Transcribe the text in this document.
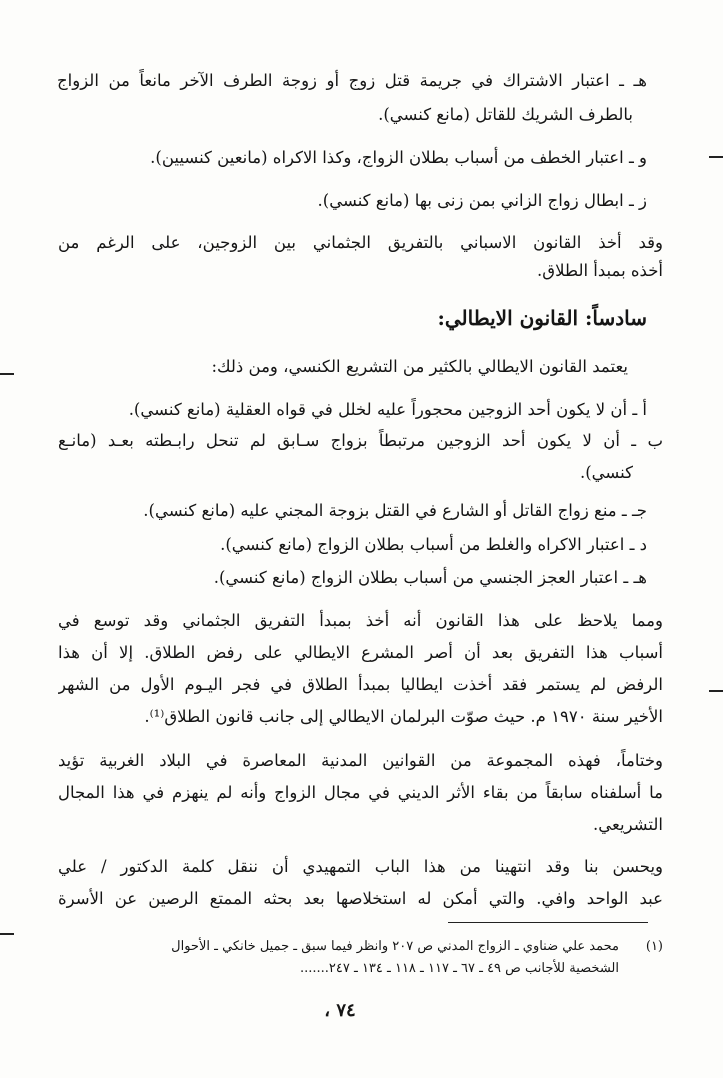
هـ ـ اعتبار الاشتراك في جريمة قتل زوج أو زوجة الطرف الآخر مانعاً من الزواج
بالطرف الشريك للقاتل (مانع كنسي).
و ـ اعتبار الخطف من أسباب بطلان الزواج، وكذا الاكراه (مانعين كنسيين).
ز ـ ابطال زواج الزاني بمن زنى بها (مانع كنسي).
وقد أخذ القانون الاسباني بالتفريق الجثماني بين الزوجين، على الرغم من
أخذه بمبدأ الطلاق.
سادساً: القانون الايطالي:
يعتمد القانون الايطالي بالكثير من التشريع الكنسي، ومن ذلك:
أ ـ أن لا يكون أحد الزوجين محجوراً عليه لخلل في قواه العقلية (مانع كنسي).
ب ـ أن لا يكون أحد الزوجين مرتبطاً بزواج سـابق لم تنحل رابـطته بعـد (مانـع
كنسي).
جـ ـ منع زواج القاتل أو الشارع في القتل بزوجة المجني عليه (مانع كنسي).
د ـ اعتبار الاكراه والغلط من أسباب بطلان الزواج (مانع كنسي).
هـ ـ اعتبار العجز الجنسي من أسباب بطلان الزواج (مانع كنسي).
ومما يلاحظ على هذا القانون أنه أخذ بمبدأ التفريق الجثماني وقد توسع في
أسباب هذا التفريق بعد أن أصر المشرع الايطالي على رفض الطلاق. إلا أن هذا
الرفض لم يستمر فقد أخذت ايطاليا بمبدأ الطلاق في فجر اليـوم الأول من الشهر
الأخير سنة ١٩٧٠ م. حيث صوّت البرلمان الايطالي إلى جانب قانون الطلاق⁽¹⁾.
وختاماً، فهذه المجموعة من القوانين المدنية المعاصرة في البلاد الغربية تؤيد
ما أسلفناه سابقاً من بقاء الأثر الديني في مجال الزواج وأنه لم ينهزم في هذا المجال
التشريعي.
ويحسن بنا وقد انتهينا من هذا الباب التمهيدي أن ننقل كلمة الدكتور / علي
عبد الواحد وافي. والتي أمكن له استخلاصها بعد بحثه الممتع الرصين عن الأسرة
(١)
محمد علي ضناوي ـ الزواج المدني ص ٢٠٧ وانظر فيما سبق ـ جميل خانكي ـ الأحوال
الشخصية للأجانب ص ٤٩ ـ ٦٧ ـ ١١٧ ـ ١١٨ ـ ١٣٤ ـ ٢٤٧.......
٧٤ ،
